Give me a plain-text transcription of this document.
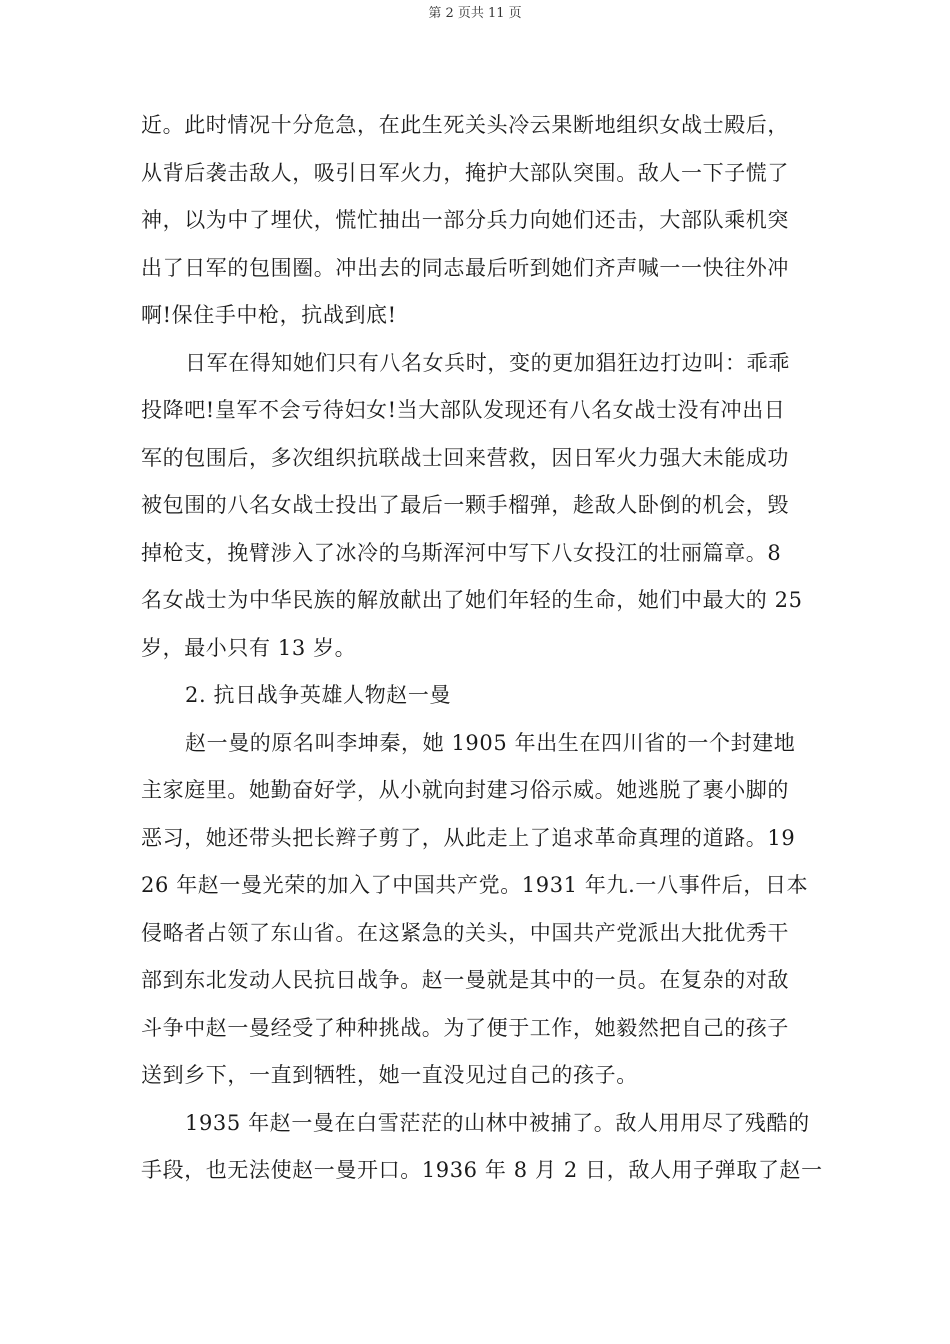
第 2 页共 11 页

近。此时情况十分危急，在此生死关头冷云果断地组织女战士殿后，
从背后袭击敌人，吸引日军火力，掩护大部队突围。敌人一下子慌了
神，以为中了埋伏，慌忙抽出一部分兵力向她们还击，大部队乘机突
出了日军的包围圈。冲出去的同志最后听到她们齐声喊一一快往外冲
啊!保住手中枪，抗战到底!

日军在得知她们只有八名女兵时，变的更加猖狂边打边叫：乖乖
投降吧!皇军不会亏待妇女!当大部队发现还有八名女战士没有冲出日
军的包围后，多次组织抗联战士回来营救，因日军火力强大未能成功
被包围的八名女战士投出了最后一颗手榴弹，趁敌人卧倒的机会，毁
掉枪支，挽臂涉入了冰冷的乌斯浑河中写下八女投江的壮丽篇章。8
名女战士为中华民族的解放献出了她们年轻的生命，她们中最大的 25
岁，最小只有 13 岁。

2. 抗日战争英雄人物赵一曼

赵一曼的原名叫李坤秦，她 1905 年出生在四川省的一个封建地
主家庭里。她勤奋好学，从小就向封建习俗示威。她逃脱了裹小脚的
恶习，她还带头把长辫子剪了，从此走上了追求革命真理的道路。19
26 年赵一曼光荣的加入了中国共产党。1931 年九.一八事件后，日本
侵略者占领了东山省。在这紧急的关头，中国共产党派出大批优秀干
部到东北发动人民抗日战争。赵一曼就是其中的一员。在复杂的对敌
斗争中赵一曼经受了种种挑战。为了便于工作，她毅然把自己的孩子
送到乡下，一直到牺牲，她一直没见过自己的孩子。

1935 年赵一曼在白雪茫茫的山林中被捕了。敌人用用尽了残酷的
手段，也无法使赵一曼开口。1936 年 8 月 2 日，敌人用子弹取了赵一
